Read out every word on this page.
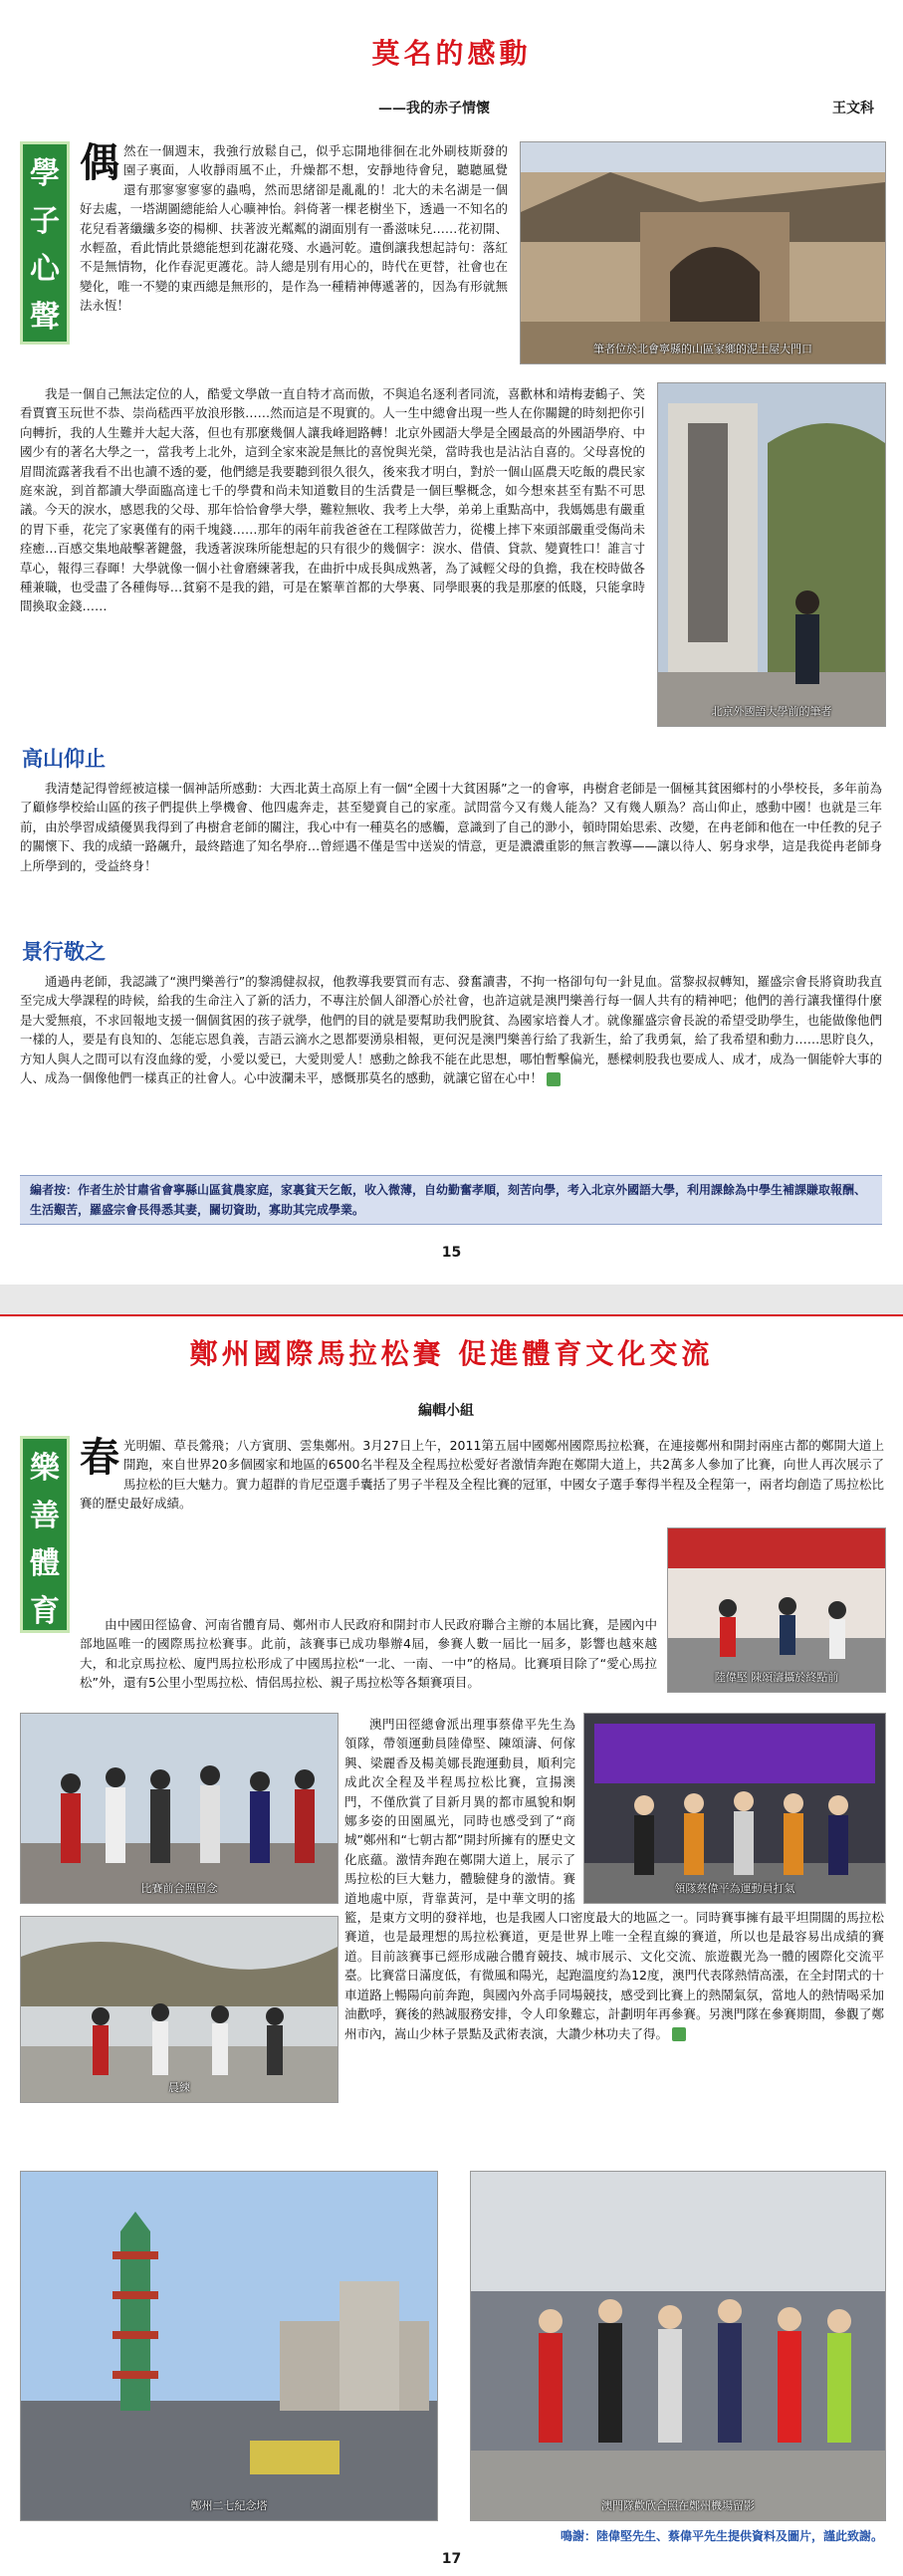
莫名的感動
——我的赤子情懷	王文科
學
子
心
聲
筆者位於北會寧縣的山區家鄉的泥土屋大門口
偶 然在一個週末，我強行放鬆自己，似乎忘開地徘徊在北外刷枝斯發的園子裏面，人收靜雨風不止，升燥都不想，安靜地待會兒，聽聽風覺還有那寥寥寥寥的蟲鳴，然而思緒卻是亂亂的！北大的未名湖是一個好去處，一塔湖圖總能給人心曠神怡。斜倚著一棵老樹坐下，透過一不知名的花兒看著纖纖多姿的楊柳、扶著波光粼粼的湖面別有一番滋味兒……花初開、水輕盈，看此情此景總能想到花謝花殘、水過河乾。遺倒讓我想起詩句：落紅不是無情物，化作春泥更護花。詩人總是別有用心的，時代在更替，社會也在變化，唯一不變的東西總是無形的，是作為一種精神傳遞著的，因為有形就無法永恆！
北京外國語大學前的筆者

我是一個自己無法定位的人，酷愛文學啟一直自特才高而傲，不與追名逐利者同流，喜歡林和靖梅妻鶴子、笑看賈寶玉玩世不恭、崇尚嵇西平放浪形骸……然而這是不現實的。人一生中總會出現一些人在你關鍵的時刻把你引向轉折，我的人生難并大起大落，但也有那麼幾個人讓我峰迴路轉！北京外國語大學是全國最高的外國語學府、中國少有的著名大學之一，當我考上北外，這到全家來說是無比的喜悅與光榮，當時我也是沾沾自喜的。父母喜悅的眉間流露著我看不出也讀不透的憂，他們總是我要聽到很久很久，後來我才明白，對於一個山區農天吃飯的農民家庭來說，到首都讀大學面臨高達七千的學費和尚未知道數目的生活費是一個巨擊概念，如今想來甚至有點不可思議。今天的淚水，感恩我的父母、那年恰恰會學大學，難粒無收、我考上大學，弟弟上重點高中，我媽媽患有嚴重的胃下垂，花完了家裏僅有的兩千塊錢……那年的兩年前我爸爸在工程隊做苦力，從樓上摔下來頭部嚴重受傷尚未痊癒…百感交集地敲擊著鍵盤，我透著淚珠所能想起的只有很少的幾個字：淚水、借債、貸款、變賣牲口！誰言寸草心，報得三春暉！大學就像一個小社會磨練著我，在曲折中成長與成熟著，為了減輕父母的負擔，我在校時做各種兼職，也受盡了各種侮辱…貧窮不是我的錯，可是在繁華首都的大學裏、同學眼裏的我是那麼的低賤，只能拿時間換取金錢……

高山仰止

我清楚記得曾經被這樣一個神話所感動：大西北黃土高原上有一個“全國十大貧困縣”之一的會寧，冉樹倉老師是一個極其貧困鄉村的小學校長，多年前為了顧修學校給山區的孩子們提供上學機會、他四處奔走，甚至變賣自己的家產。試問當今又有幾人能為？又有幾人願為？高山仰止，感動中國！也就是三年前，由於學習成績優異我得到了冉樹倉老師的關注，我心中有一種莫名的感觸，意識到了自己的渺小，頓時開始思索、改變，在冉老師和他在一中任教的兒子的關懷下、我的成績一路飆升，最終踏進了知名學府…曾經遇不僅是雪中送炭的情意，更是濃濃重影的無言教導——讓以待人、躬身求學，這是我從冉老師身上所學到的，受益終身！

景行敬之

通過冉老師，我認識了“澳門樂善行”的黎鴻健叔叔，他教導我要質而有志、發奮讀書，不拘一格卻句句一針見血。當黎叔叔轉知，羅盛宗會長將資助我直至完成大學課程的時候，給我的生命注入了新的活力，不專注於個人卻潛心於社會，也許這就是澳門樂善行每一個人共有的精神吧；他們的善行讓我懂得什麼是大愛無痕，不求回報地支援一個個貧困的孩子就學，他們的目的就是要幫助我們脫貧、為國家培養人才。就像羅盛宗會長說的希望受助學生，也能做像他們一樣的人，要是有良知的、怎能忘恩負義，吉語云滴水之恩都要湧泉相報，更何況是澳門樂善行給了我新生，給了我勇氣，給了我希望和動力……思貯良久，方知人與人之間可以有沒血緣的愛，小愛以愛已，大愛則愛人！感動之餘我不能在此思想，哪怕暫擊偏光，懸樑刺股我也要成人、成才，成為一個能幹大事的人、成為一個像他們一樣真正的社會人。心中波瀾未平，感慨那莫名的感動，就讓它留在心中！	完

編者按：作者生於甘肅省會寧縣山區貧農家庭，家裏貧天乞飯，收入微薄，自幼勤奮孝順，刻苦向學，考入北京外國語大學，利用課餘為中學生補課賺取報酬、生活艱苦，羅盛宗會長得悉其妻，關切資助，寡助其完成學業。
15
鄭州國際馬拉松賽 促進體育文化交流
編輯小組
樂
善
體
育
春 光明媚、草長鶯飛；八方賓朋、雲集鄭州。3月27日上午，2011第五屆中國鄭州國際馬拉松賽，在連接鄭州和開封兩座古都的鄭開大道上開跑，來自世界20多個國家和地區的6500名半程及全程馬拉松愛好者激情奔跑在鄭開大道上，共2萬多人參加了比賽，向世人再次展示了馬拉松的巨大魅力。實力超群的肯尼亞選手囊括了男子半程及全程比賽的冠軍，中國女子選手奪得半程及全程第一，兩者均創造了馬拉松比賽的歷史最好成績。
陸偉堅 陳頌濤攝於終點前

由中國田徑協會、河南省體育局、鄭州市人民政府和開封市人民政府聯合主辦的本屆比賽，是國內中部地區唯一的國際馬拉松賽事。此前，該賽事已成功舉辦4屆，參賽人數一屆比一屆多，影響也越來越大，和北京馬拉松、廈門馬拉松形成了中國馬拉松“一北、一南、一中”的格局。比賽項目除了“愛心馬拉松”外，還有5公里小型馬拉松、情侶馬拉松、親子馬拉松等各類賽項目。

比賽前合照留念	領隊蔡偉平為運動員打氣
晨練

澳門田徑總會派出理事蔡偉平先生為領隊，帶領運動員陸偉堅、陳頌濤、何傢興、梁麗香及楊美娜長跑運動員，順利完成此次全程及半程馬拉松比賽，宣揚澳門，不僅欣賞了目新月異的都市風貌和婀娜多姿的田園風光，同時也感受到了“商城”鄭州和“七朝古都”開封所擁有的歷史文化底蘊。激情奔跑在鄭開大道上，展示了馬拉松的巨大魅力，體驗健身的激情。賽道地處中原，背靠黃河，是中華文明的搖籃，是東方文明的發祥地，也是我國人口密度最大的地區之一。同時賽事擁有最平坦開闊的馬拉松賽道，也是最理想的馬拉松賽道，更是世界上唯一全程直線的賽道，所以也是最容易出成績的賽道。目前該賽事已經形成融合體育競技、城市展示、文化交流、旅遊觀光為一體的國際化交流平臺。比賽當日滿度低，有微風和陽光，起跑溫度約為12度，澳門代表隊熱情高漲，在全封閉式的十車道路上暢陽向前奔跑，與國內外高手同場競技，感受到比賽上的熱鬧氣氛，當地人的熱情喝采加油歡呼，賽後的熱誠服務安排，令人印象難忘，計劃明年再參賽。另澳門隊在參賽期間，參觀了鄭州市內，嵩山少林子景點及武術表演，大讚少林功夫了得。	完

鄭州二七紀念塔	澳門隊歡欣合照在鄭州機場留影
鳴謝：陸偉堅先生、蔡偉平先生提供資料及圖片，謹此致謝。
17
